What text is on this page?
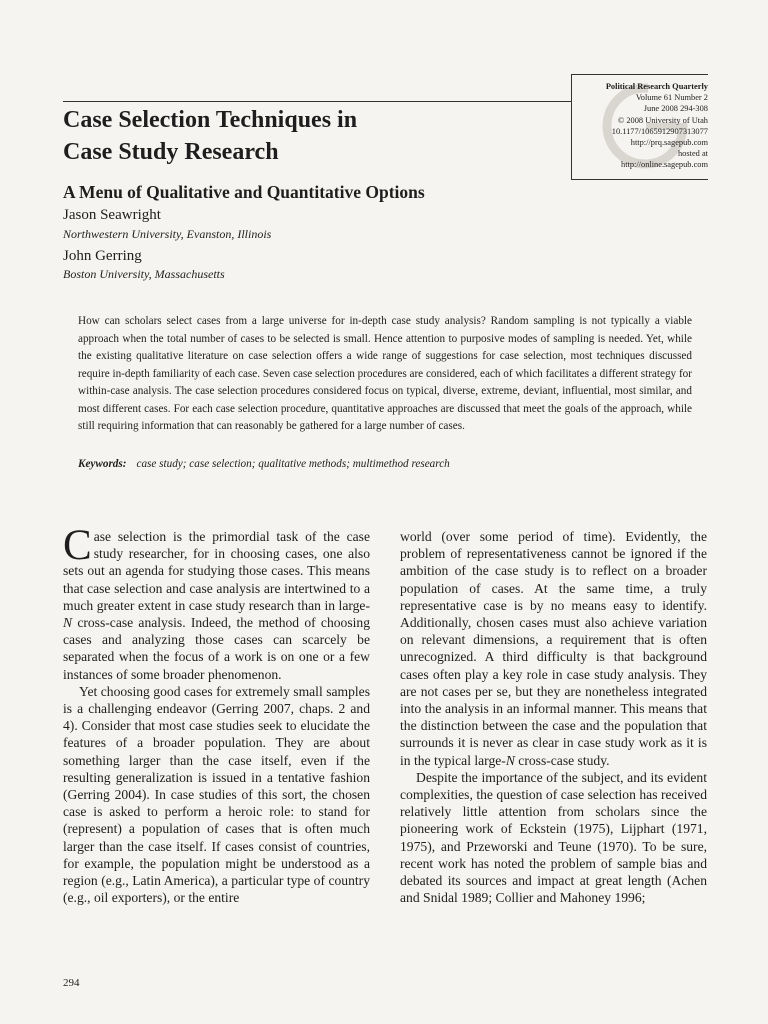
Political Research Quarterly
Volume 61 Number 2
June 2008 294-308
© 2008 University of Utah
10.1177/1065912907313077
http://prq.sagepub.com
hosted at
http://online.sagepub.com
Case Selection Techniques in
Case Study Research
A Menu of Qualitative and Quantitative Options

Jason Seawright

Northwestern University, Evanston, Illinois

John Gerring

Boston University, Massachusetts

How can scholars select cases from a large universe for in-depth case study analysis? Random sampling is not typically a viable approach when the total number of cases to be selected is small. Hence attention to purposive modes of sampling is needed. Yet, while the existing qualitative literature on case selection offers a wide range of suggestions for case selection, most techniques discussed require in-depth familiarity of each case. Seven case selection procedures are considered, each of which facilitates a different strategy for within-case analysis. The case selection procedures considered focus on typical, diverse, extreme, deviant, influential, most similar, and most different cases. For each case selection procedure, quantitative approaches are discussed that meet the goals of the approach, while still requiring information that can reasonably be gathered for a large number of cases.

Keywords: case study; case selection; qualitative methods; multimethod research

Case selection is the primordial task of the case study researcher, for in choosing cases, one also sets out an agenda for studying those cases. This means that case selection and case analysis are intertwined to a much greater extent in case study research than in large-N cross-case analysis. Indeed, the method of choosing cases and analyzing those cases can scarcely be separated when the focus of a work is on one or a few instances of some broader phenomenon.

Yet choosing good cases for extremely small samples is a challenging endeavor (Gerring 2007, chaps. 2 and 4). Consider that most case studies seek to elucidate the features of a broader population. They are about something larger than the case itself, even if the resulting generalization is issued in a tentative fashion (Gerring 2004). In case studies of this sort, the chosen case is asked to perform a heroic role: to stand for (represent) a population of cases that is often much larger than the case itself. If cases consist of countries, for example, the population might be understood as a region (e.g., Latin America), a particular type of country (e.g., oil exporters), or the entire

world (over some period of time). Evidently, the problem of representativeness cannot be ignored if the ambition of the case study is to reflect on a broader population of cases. At the same time, a truly representative case is by no means easy to identify. Additionally, chosen cases must also achieve variation on relevant dimensions, a requirement that is often unrecognized. A third difficulty is that background cases often play a key role in case study analysis. They are not cases per se, but they are nonetheless integrated into the analysis in an informal manner. This means that the distinction between the case and the population that surrounds it is never as clear in case study work as it is in the typical large-N cross-case study.

Despite the importance of the subject, and its evident complexities, the question of case selection has received relatively little attention from scholars since the pioneering work of Eckstein (1975), Lijphart (1971, 1975), and Przeworski and Teune (1970). To be sure, recent work has noted the problem of sample bias and debated its sources and impact at great length (Achen and Snidal 1989; Collier and Mahoney 1996;

294
